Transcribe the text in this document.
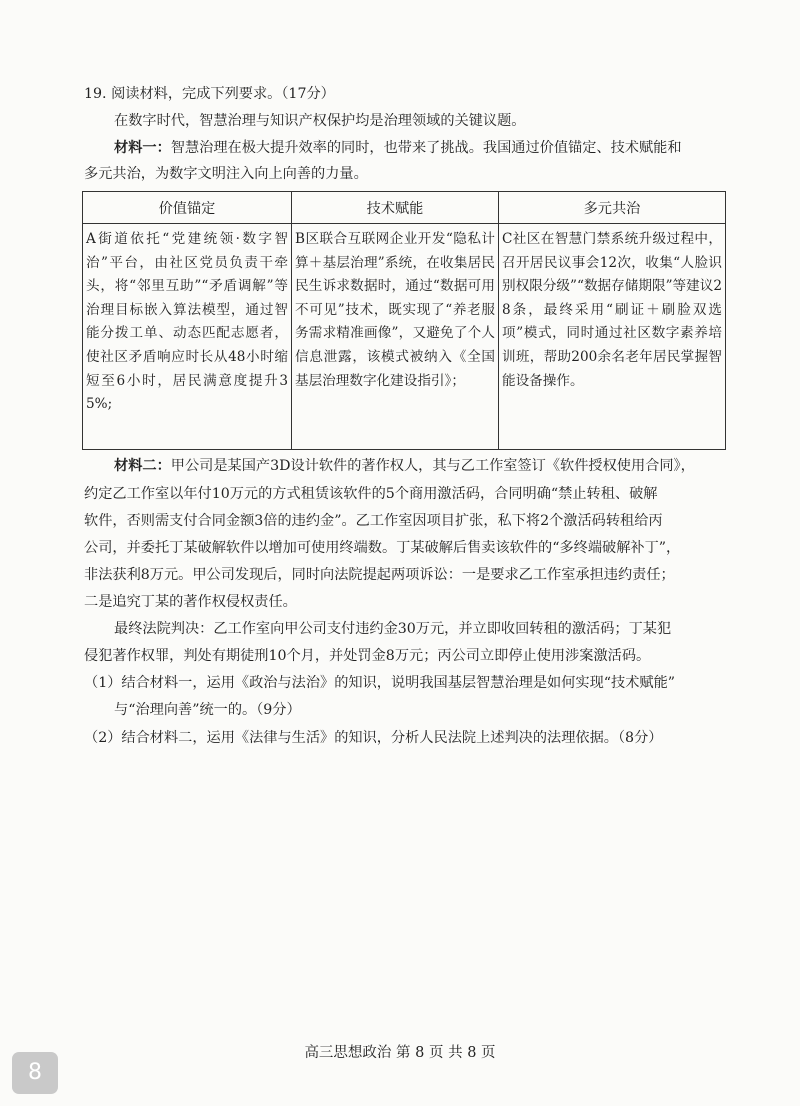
19. 阅读材料，完成下列要求。（17分）
在数字时代，智慧治理与知识产权保护均是治理领域的关键议题。
材料一：智慧治理在极大提升效率的同时，也带来了挑战。我国通过价值锚定、技术赋能和
多元共治，为数字文明注入向上向善的力量。
价值锚定	技术赋能	多元共治
A街道依托“党建统领·数字智治”平台，由社区党员负责干牵头，将“邻里互助”“矛盾调解”等治理目标嵌入算法模型，通过智能分拨工单、动态匹配志愿者，使社区矛盾响应时长从48小时缩短至6小时，居民满意度提升35%;	B区联合互联网企业开发“隐私计算＋基层治理”系统，在收集居民民生诉求数据时，通过“数据可用不可见”技术，既实现了“养老服务需求精准画像”，又避免了个人信息泄露，该模式被纳入《全国基层治理数字化建设指引》；	C社区在智慧门禁系统升级过程中，召开居民议事会12次，收集“人脸识别权限分级”“数据存储期限”等建议28条，最终采用“刷证＋刷脸双选项”模式，同时通过社区数字素养培训班，帮助200余名老年居民掌握智能设备操作。
材料二：甲公司是某国产3D设计软件的著作权人，其与乙工作室签订《软件授权使用合同》，
约定乙工作室以年付10万元的方式租赁该软件的5个商用激活码，合同明确“禁止转租、破解
软件，否则需支付合同金额3倍的违约金”。乙工作室因项目扩张，私下将2个激活码转租给丙
公司，并委托丁某破解软件以增加可使用终端数。丁某破解后售卖该软件的“多终端破解补丁”，
非法获利8万元。甲公司发现后，同时向法院提起两项诉讼：一是要求乙工作室承担违约责任；
二是追究丁某的著作权侵权责任。
最终法院判决：乙工作室向甲公司支付违约金30万元，并立即收回转租的激活码；丁某犯
侵犯著作权罪，判处有期徒刑10个月，并处罚金8万元；丙公司立即停止使用涉案激活码。
（1）结合材料一，运用《政治与法治》的知识，说明我国基层智慧治理是如何实现“技术赋能”
与“治理向善”统一的。（9分）
（2）结合材料二，运用《法律与生活》的知识，分析人民法院上述判决的法理依据。（8分）
高三思想政治 第 8 页 共 8 页
8
